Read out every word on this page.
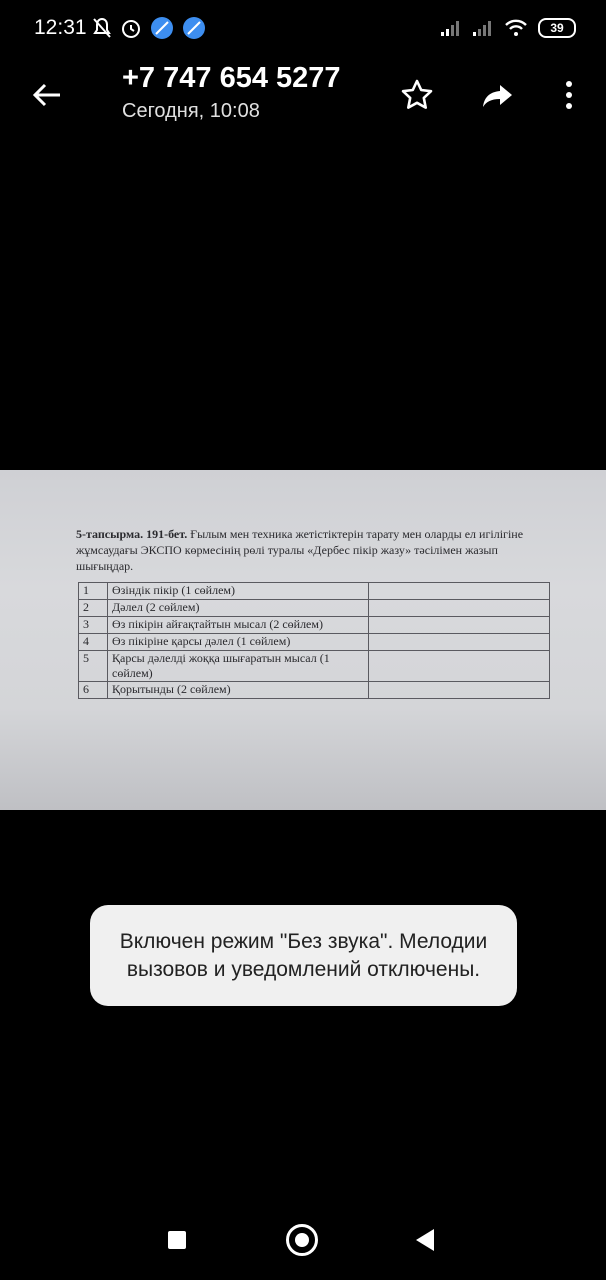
12:31	39
+7 747 654 5277
Сегодня, 10:08
5-тапсырма. 191-бет. Ғылым мен техника жетістіктерін тарату мен оларды ел игілігіне жұмсаудағы ЭКСПО көрмесінің рөлі туралы «Дербес пікір жазу» тәсілімен жазып шығыңдар.
1	Өзіндік пікір (1 сөйлем)	
2	Дәлел (2 сөйлем)	
3	Өз пікірін айғақтайтын мысал (2 сөйлем)	
4	Өз пікіріне қарсы дәлел (1 сөйлем)	
5	Қарсы дәлелді жоққа шығаратын мысал (1 сөйлем)	
6	Қорытынды (2 сөйлем)	
Включен режим "Без звука". Мелодии вызовов и уведомлений отключены.
